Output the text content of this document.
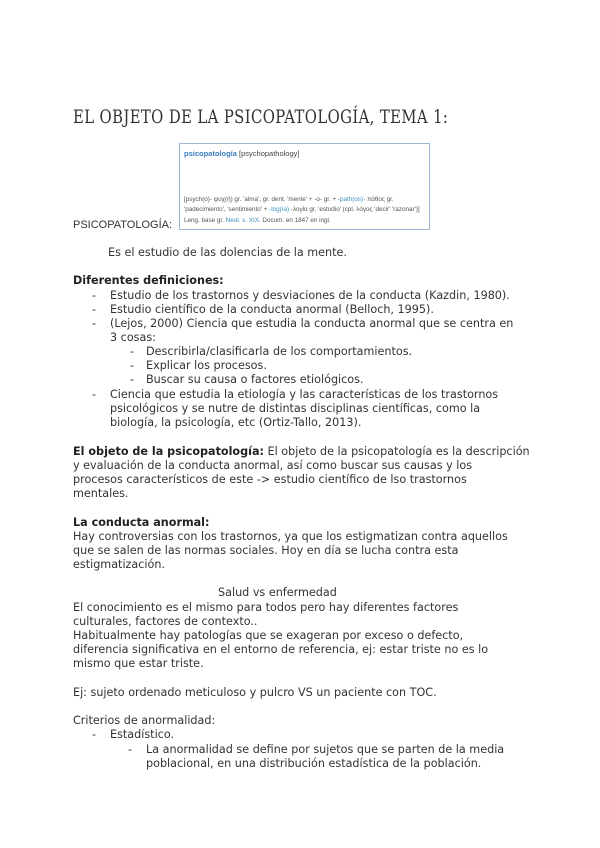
EL OBJETO DE LA PSICOPATOLOGÍA, TEMA 1:
psicopatología [psychopathology]
[psych(o)- ψυχ(ή) gr. 'alma', gr. dent. 'mente' + -o- gr. + -path(os)- πάθος gr.
'padecimiento', 'sentimiento' + -log(ía) -λογία gr. 'estudio' (cpl. λόγος 'decir' 'razonar')]
Leng. base gr. Neol. s. XIX. Docum. en 1847 en ingl.
PSICOPATOLOGÍA:
Es el estudio de las dolencias de la mente.
Diferentes definiciones:
- Estudio de los trastornos y desviaciones de la conducta (Kazdin, 1980).
- Estudio científico de la conducta anormal (Belloch, 1995).
- (Lejos, 2000) Ciencia que estudia la conducta anormal que se centra en
3 cosas:
- Describirla/clasificarla de los comportamientos.
- Explicar los procesos.
- Buscar su causa o factores etiológicos.
- Ciencia que estudia la etiología y las características de los trastornos
psicológicos y se nutre de distintas disciplinas científicas, como la
biología, la psicología, etc (Ortiz-Tallo, 2013).
El objeto de la psicopatología: El objeto de la psicopatología es la descripción
y evaluación de la conducta anormal, así como buscar sus causas y los
procesos característicos de este -> estudio científico de lso trastornos
mentales.
La conducta anormal:
Hay controversias con los trastornos, ya que los estigmatizan contra aquellos
que se salen de las normas sociales. Hoy en día se lucha contra esta
estigmatización.
Salud vs enfermedad
El conocimiento es el mismo para todos pero hay diferentes factores
culturales, factores de contexto..
Habitualmente hay patologías que se exageran por exceso o defecto,
diferencia significativa en el entorno de referencia, ej: estar triste no es lo
mismo que estar triste.
Ej: sujeto ordenado meticuloso y pulcro VS un paciente con TOC.
Criterios de anormalidad:
- Estadístico.
- La anormalidad se define por sujetos que se parten de la media
poblacional, en una distribución estadística de la población.
